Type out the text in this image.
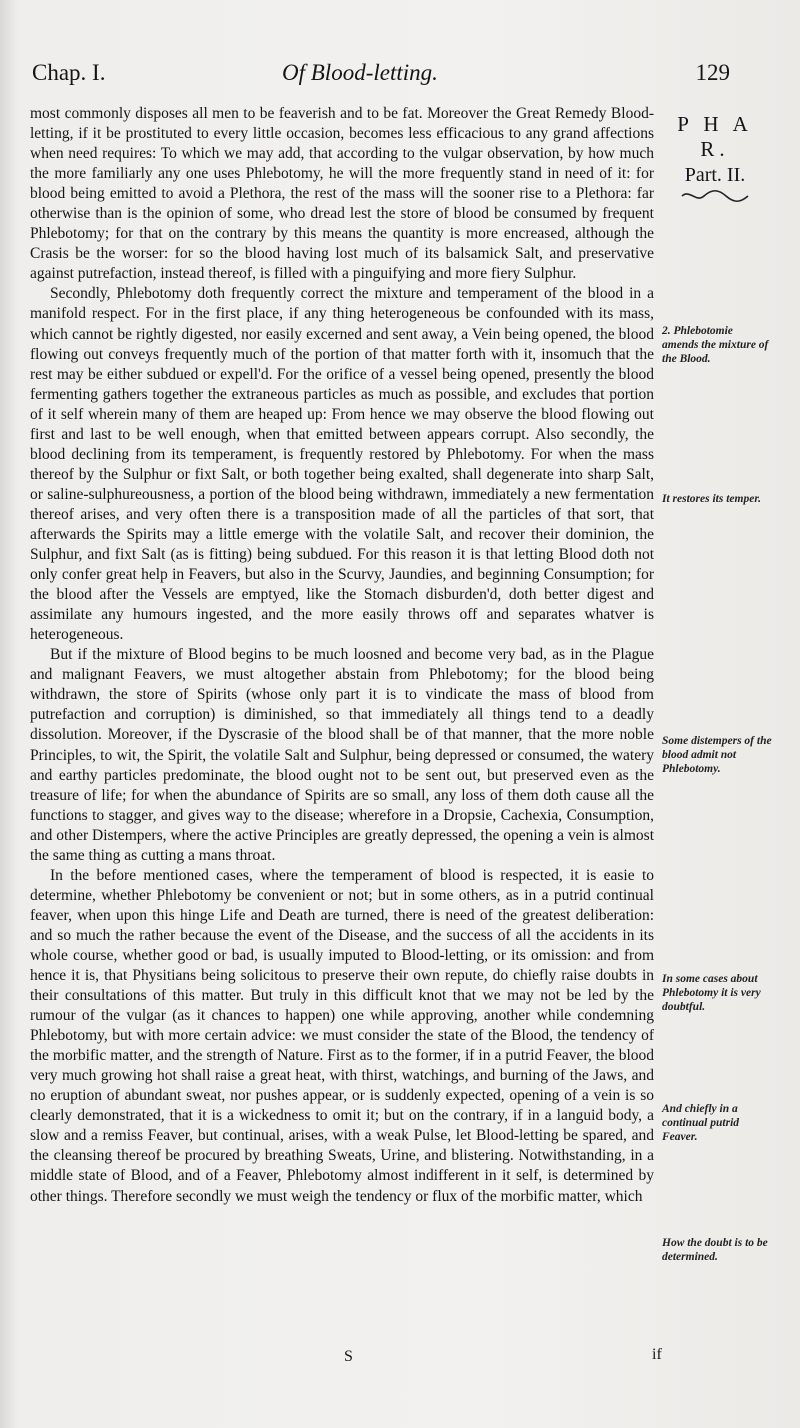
Chap. I.	Of Blood-letting.	129
P H A R.
Part. II.

most commonly disposes all men to be feaverish and to be fat. Moreover the Great Remedy Blood-letting, if it be prostituted to every little occasion, becomes less efficacious to any grand affections when need requires: To which we may add, that according to the vulgar observation, by how much the more familiarly any one uses Phlebotomy, he will the more frequently stand in need of it: for blood being emitted to avoid a Plethora, the rest of the mass will the sooner rise to a Plethora: far otherwise than is the opinion of some, who dread lest the store of blood be consumed by frequent Phlebotomy; for that on the contrary by this means the quantity is more encreased, although the Crasis be the worser: for so the blood having lost much of its balsamick Salt, and preservative against putrefaction, instead thereof, is filled with a pinguifying and more fiery Sulphur.

Secondly, Phlebotomy doth frequently correct the mixture and temperament of the blood in a manifold respect. For in the first place, if any thing heterogeneous be confounded with its mass, which cannot be rightly digested, nor easily excerned and sent away, a Vein being opened, the blood flowing out conveys frequently much of the portion of that matter forth with it, insomuch that the rest may be either subdued or expell'd. For the orifice of a vessel being opened, presently the blood fermenting gathers together the extraneous particles as much as possible, and excludes that portion of it self wherein many of them are heaped up: From hence we may observe the blood flowing out first and last to be well enough, when that emitted between appears corrupt. Also secondly, the blood declining from its temperament, is frequently restored by Phlebotomy. For when the mass thereof by the Sulphur or fixt Salt, or both together being exalted, shall degenerate into sharp Salt, or saline-sulphureousness, a portion of the blood being withdrawn, immediately a new fermentation thereof arises, and very often there is a transposition made of all the particles of that sort, that afterwards the Spirits may a little emerge with the volatile Salt, and recover their dominion, the Sulphur, and fixt Salt (as is fitting) being subdued. For this reason it is that letting Blood doth not only confer great help in Feavers, but also in the Scurvy, Jaundies, and beginning Consumption; for the blood after the Vessels are emptyed, like the Stomach disburden'd, doth better digest and assimilate any humours ingested, and the more easily throws off and separates whatver is heterogeneous.

But if the mixture of Blood begins to be much loosned and become very bad, as in the Plague and malignant Feavers, we must altogether abstain from Phlebotomy; for the blood being withdrawn, the store of Spirits (whose only part it is to vindicate the mass of blood from putrefaction and corruption) is diminished, so that immediately all things tend to a deadly dissolution. Moreover, if the Dyscrasie of the blood shall be of that manner, that the more noble Principles, to wit, the Spirit, the volatile Salt and Sulphur, being depressed or consumed, the watery and earthy particles predominate, the blood ought not to be sent out, but preserved even as the treasure of life; for when the abundance of Spirits are so small, any loss of them doth cause all the functions to stagger, and gives way to the disease; wherefore in a Dropsie, Cachexia, Consumption, and other Distempers, where the active Principles are greatly depressed, the opening a vein is almost the same thing as cutting a mans throat.

In the before mentioned cases, where the temperament of blood is respected, it is easie to determine, whether Phlebotomy be convenient or not; but in some others, as in a putrid continual feaver, when upon this hinge Life and Death are turned, there is need of the greatest deliberation: and so much the rather because the event of the Disease, and the success of all the accidents in its whole course, whether good or bad, is usually imputed to Blood-letting, or its omission: and from hence it is, that Physitians being solicitous to preserve their own repute, do chiefly raise doubts in their consultations of this matter. But truly in this difficult knot that we may not be led by the rumour of the vulgar (as it chances to happen) one while approving, another while condemning Phlebotomy, but with more certain advice: we must consider the state of the Blood, the tendency of the morbific matter, and the strength of Nature. First as to the former, if in a putrid Feaver, the blood very much growing hot shall raise a great heat, with thirst, watchings, and burning of the Jaws, and no eruption of abundant sweat, nor pushes appear, or is suddenly expected, opening of a vein is so clearly demonstrated, that it is a wickedness to omit it; but on the contrary, if in a languid body, a slow and a remiss Feaver, but continual, arises, with a weak Pulse, let Blood-letting be spared, and the cleansing thereof be procured by breathing Sweats, Urine, and blistering. Notwithstanding, in a middle state of Blood, and of a Feaver, Phlebotomy almost indifferent in it self, is determined by other things. Therefore secondly we must weigh the tendency or flux of the morbific matter, which

2. Phlebotomie amends the mixture of the Blood.
It restores its temper.
Some distempers of the blood admit not Phlebotomy.
In some cases about Phlebotomy it is very doubtful.
And chiefly in a continual putrid Feaver.
How the doubt is to be determined.
S	if
